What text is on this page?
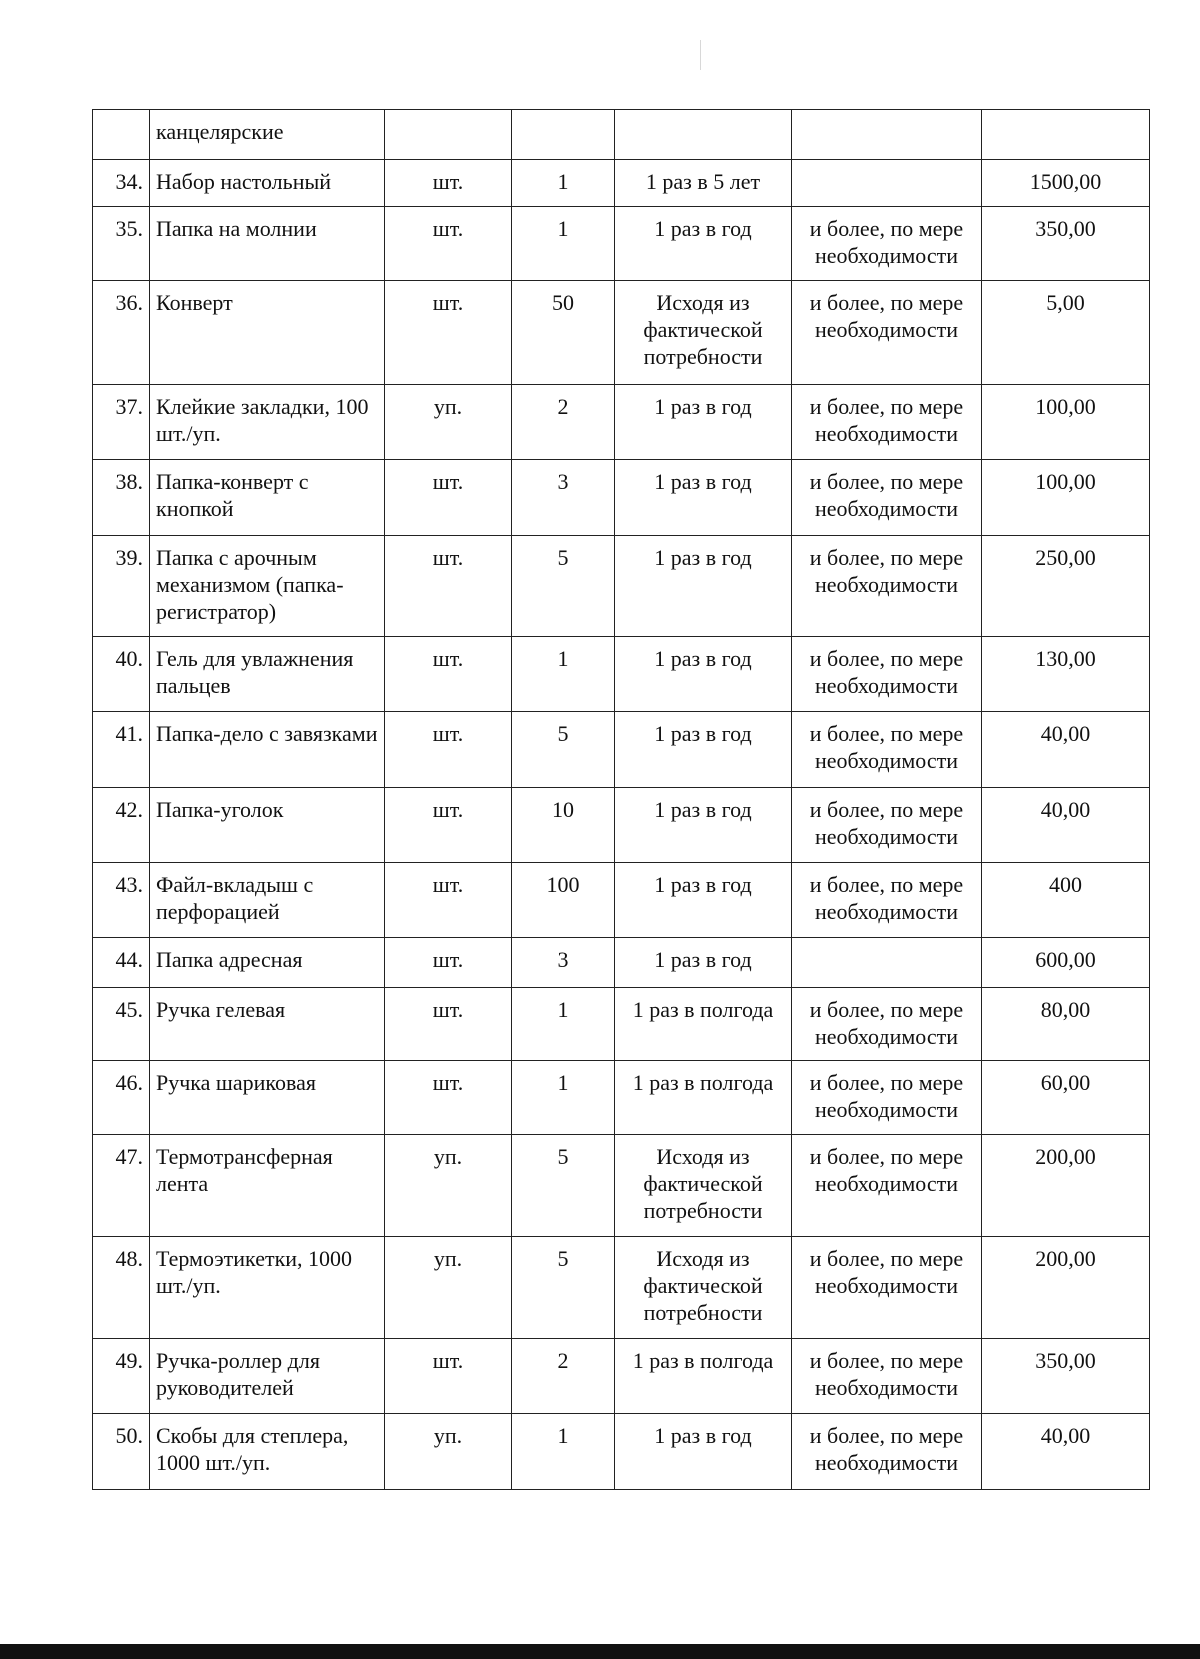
	канцелярские					
34.	Набор настольный	шт.	1	1 раз в 5 лет		1500,00
35.	Папка на молнии	шт.	1	1 раз в год	и более, по мере необходимости	350,00
36.	Конверт	шт.	50	Исходя из фактической потребности	и более, по мере необходимости	5,00
37.	Клейкие закладки, 100 шт./уп.	уп.	2	1 раз в год	и более, по мере необходимости	100,00
38.	Папка-конверт с кнопкой	шт.	3	1 раз в год	и более, по мере необходимости	100,00
39.	Папка с арочным механизмом (папка-регистратор)	шт.	5	1 раз в год	и более, по мере необходимости	250,00
40.	Гель для увлажнения пальцев	шт.	1	1 раз в год	и более, по мере необходимости	130,00
41.	Папка-дело с завязками	шт.	5	1 раз в год	и более, по мере необходимости	40,00
42.	Папка-уголок	шт.	10	1 раз в год	и более, по мере необходимости	40,00
43.	Файл-вкладыш с перфорацией	шт.	100	1 раз в год	и более, по мере необходимости	400
44.	Папка адресная	шт.	3	1 раз в год		600,00
45.	Ручка гелевая	шт.	1	1 раз в полгода	и более, по мере необходимости	80,00
46.	Ручка шариковая	шт.	1	1 раз в полгода	и более, по мере необходимости	60,00
47.	Термотрансферная лента	уп.	5	Исходя из фактической потребности	и более, по мере необходимости	200,00
48.	Термоэтикетки, 1000 шт./уп.	уп.	5	Исходя из фактической потребности	и более, по мере необходимости	200,00
49.	Ручка-роллер для руководителей	шт.	2	1 раз в полгода	и более, по мере необходимости	350,00
50.	Скобы для степлера, 1000 шт./уп.	уп.	1	1 раз в год	и более, по мере необходимости	40,00
